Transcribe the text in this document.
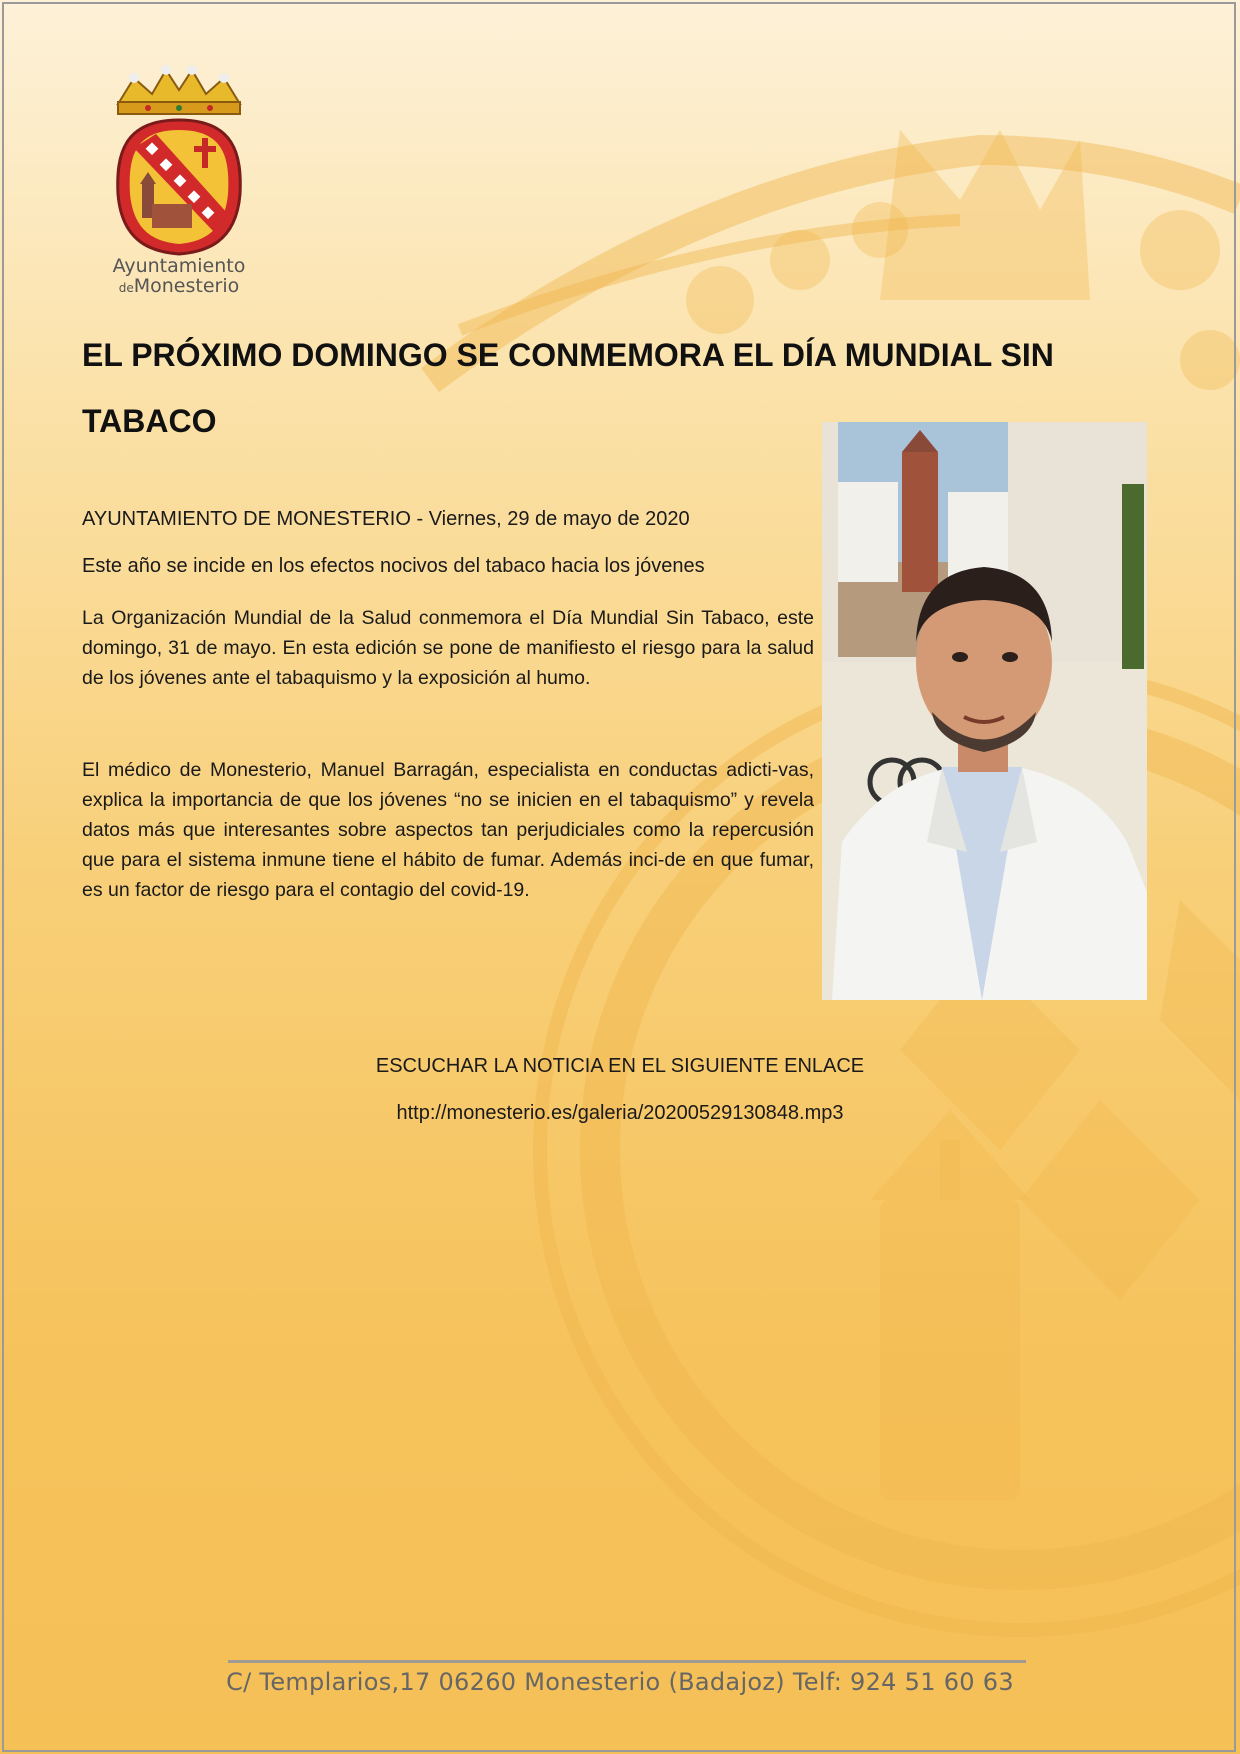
Ayuntamiento
deMonesterio
EL PRÓXIMO DOMINGO SE CONMEMORA EL DÍA MUNDIAL SIN TABACO
AYUNTAMIENTO DE MONESTERIO - Viernes, 29 de mayo de 2020
Este año se incide en los efectos nocivos del tabaco hacia los jóvenes

La Organización Mundial de la Salud conmemora el Día Mundial Sin Tabaco, este domingo, 31 de mayo. En esta edición se pone de manifiesto el riesgo para la salud de los jóvenes ante el tabaquismo y la exposición al humo.

El médico de Monesterio, Manuel Barragán, especialista en conductas adicti-vas, explica la importancia de que los jóvenes “no se inicien en el tabaquismo” y revela datos más que interesantes sobre aspectos tan perjudiciales como la repercusión que para el sistema inmune tiene el hábito de fumar. Además inci-de en que fumar, es un factor de riesgo para el contagio del covid-19.

ESCUCHAR LA NOTICIA EN EL SIGUIENTE ENLACE
http://monesterio.es/galeria/20200529130848.mp3
C/ Templarios,17 06260 Monesterio (Badajoz) Telf: 924 51 60 63
